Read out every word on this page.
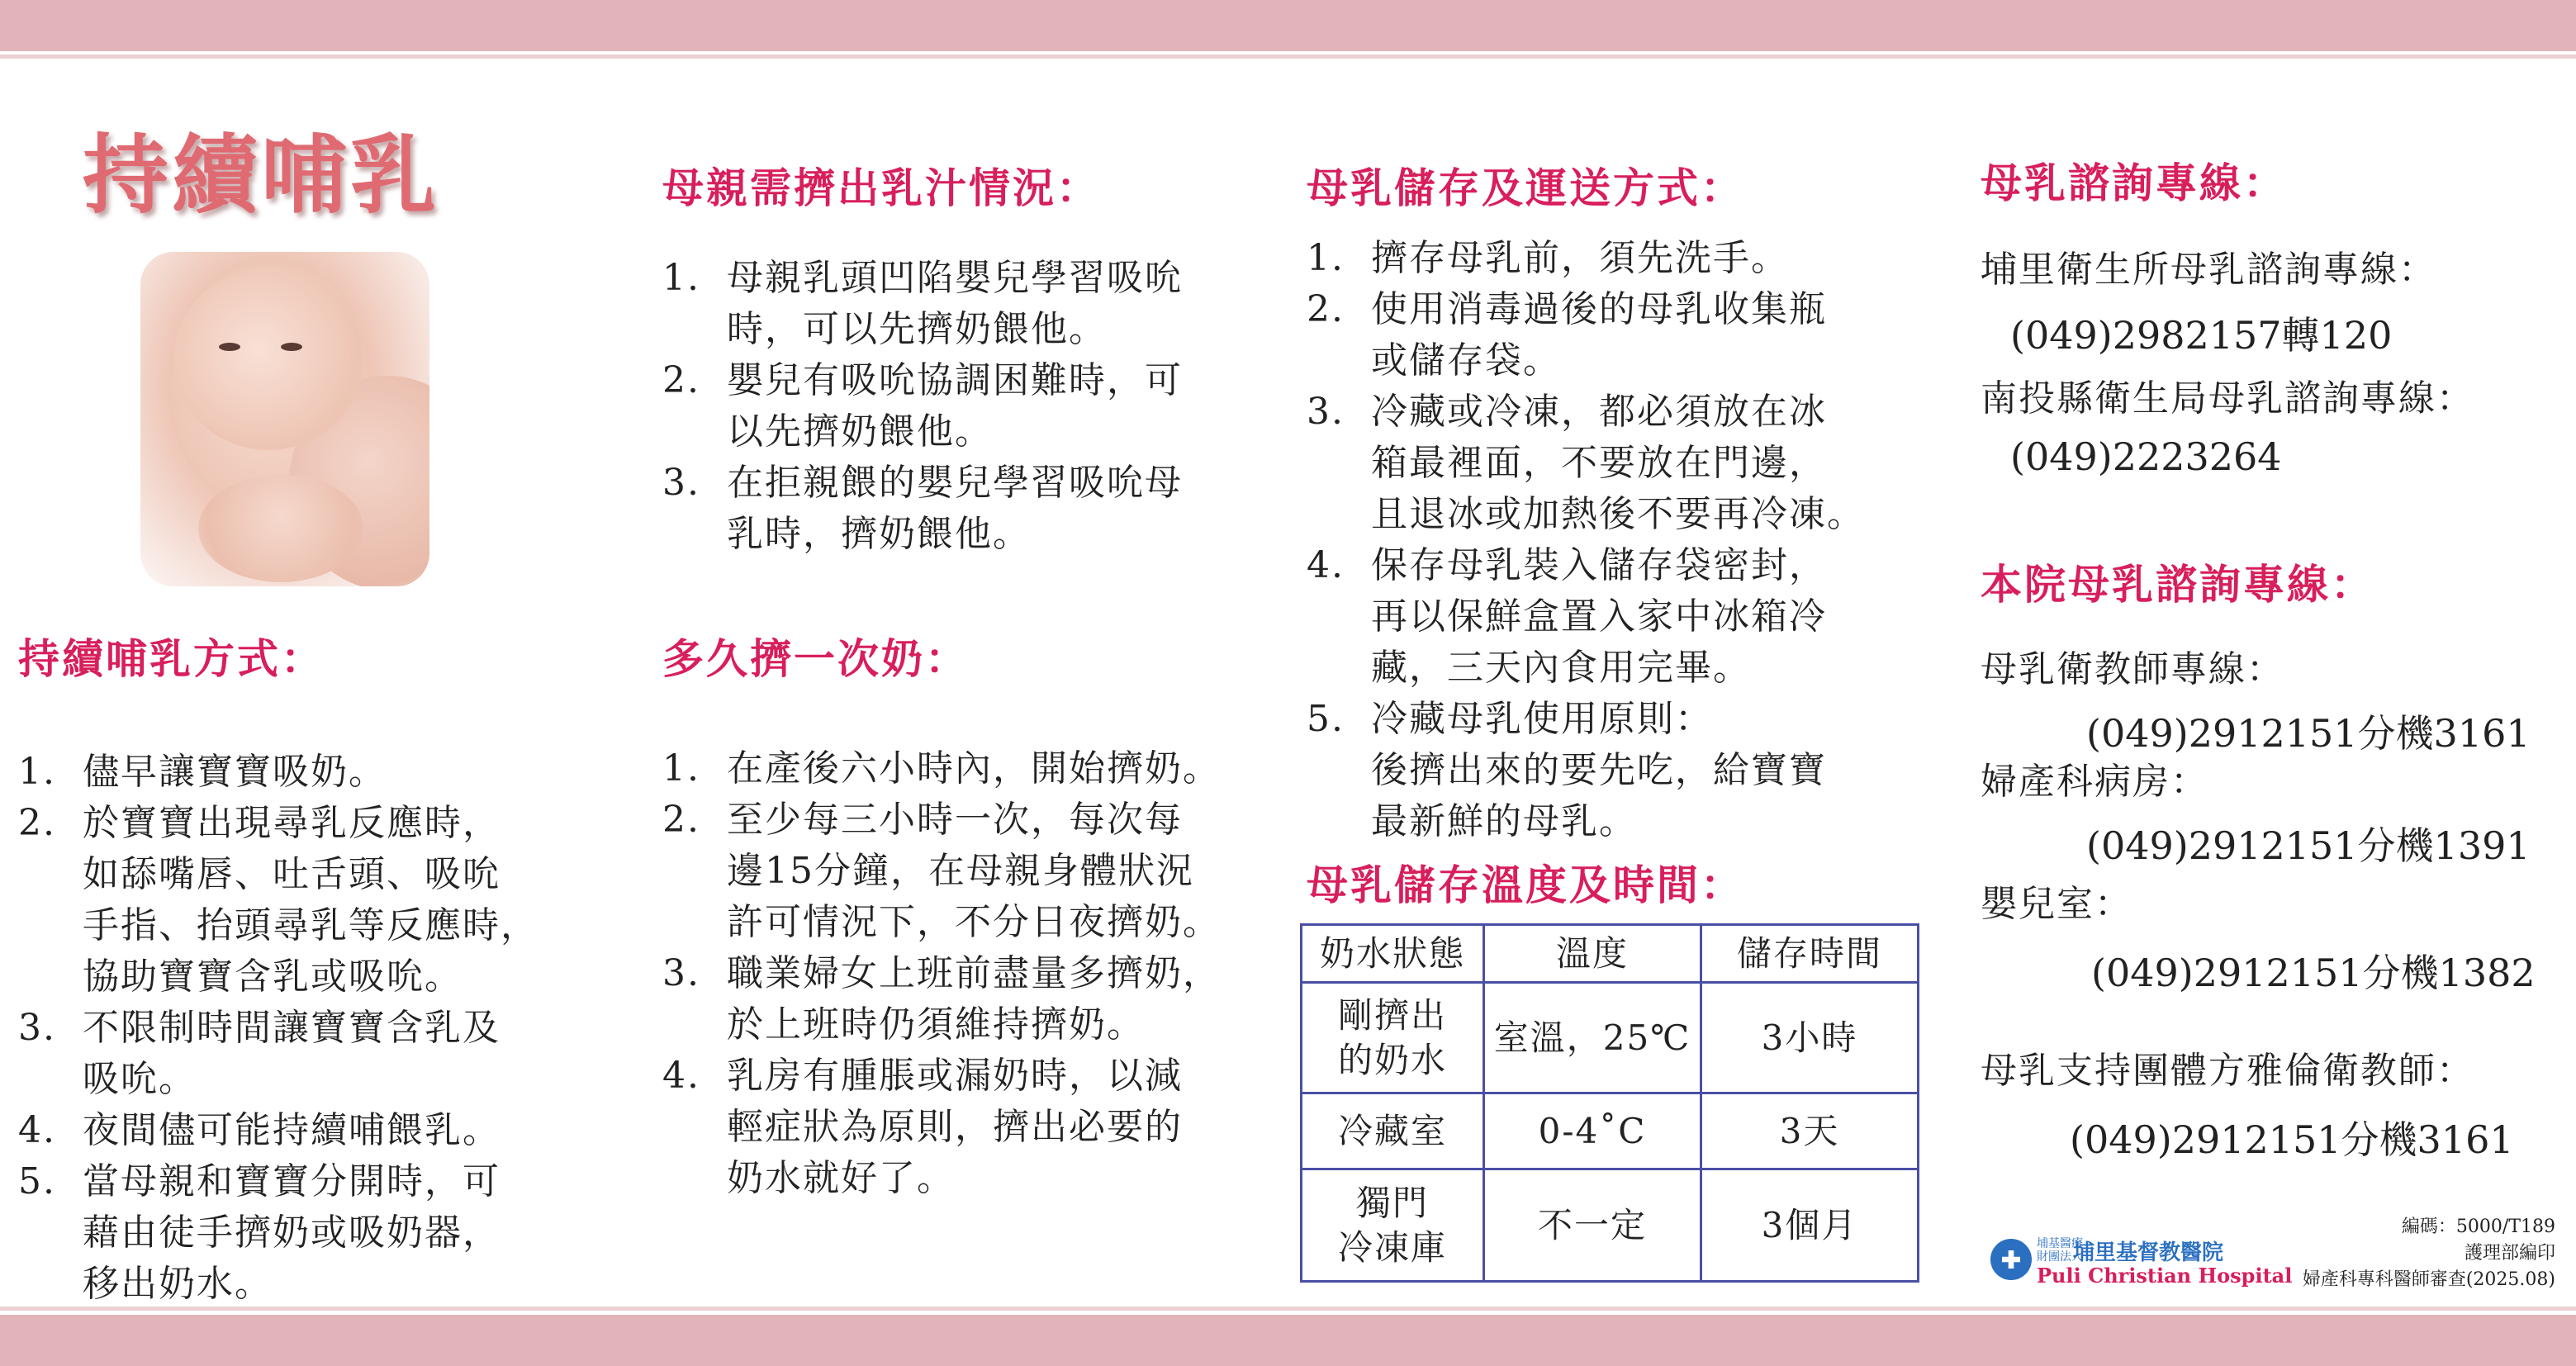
持續哺乳
持續哺乳方式：
1. 儘早讓寶寶吸奶。
2. 於寶寶出現尋乳反應時，
如舔嘴唇、吐舌頭、吸吮
手指、抬頭尋乳等反應時，
協助寶寶含乳或吸吮。
3. 不限制時間讓寶寶含乳及
吸吮。
4. 夜間儘可能持續哺餵乳。
5. 當母親和寶寶分開時，可
藉由徒手擠奶或吸奶器，
移出奶水。
母親需擠出乳汁情況：
1. 母親乳頭凹陷嬰兒學習吸吮
時，可以先擠奶餵他。
2. 嬰兒有吸吮協調困難時，可
以先擠奶餵他。
3. 在拒親餵的嬰兒學習吸吮母
乳時，擠奶餵他。
多久擠一次奶：
1. 在產後六小時內，開始擠奶。
2. 至少每三小時一次，每次每
邊15分鐘，在母親身體狀況
許可情況下，不分日夜擠奶。
3. 職業婦女上班前盡量多擠奶，
於上班時仍須維持擠奶。
4. 乳房有腫脹或漏奶時，以減
輕症狀為原則，擠出必要的
奶水就好了。
母乳儲存及運送方式：
1. 擠存母乳前，須先洗手。
2. 使用消毒過後的母乳收集瓶
或儲存袋。
3. 冷藏或冷凍，都必須放在冰
箱最裡面，不要放在門邊，
且退冰或加熱後不要再冷凍。
4. 保存母乳裝入儲存袋密封，
再以保鮮盒置入家中冰箱冷
藏，三天內食用完畢。
5. 冷藏母乳使用原則：
後擠出來的要先吃，給寶寶
最新鮮的母乳。
母乳儲存溫度及時間：
奶水狀態	溫度	儲存時間
剛擠出
的奶水	室溫，25℃	3小時
冷藏室	0-4˚C	3天
獨門
冷凍庫	不一定	3個月
母乳諮詢專線：
埔里衛生所母乳諮詢專線：
(049)2982157轉120
南投縣衛生局母乳諮詢專線：
(049)2223264
本院母乳諮詢專線：
母乳衛教師專線：
(049)2912151分機3161
婦產科病房：
(049)2912151分機1391
嬰兒室：
(049)2912151分機1382
母乳支持團體方雅倫衛教師：
(049)2912151分機3161
埔基醫療
財團法人
埔里基督教醫院
Puli Christian Hospital
編碼：5000/T189
護理部編印
婦產科專科醫師審查(2025.08)
